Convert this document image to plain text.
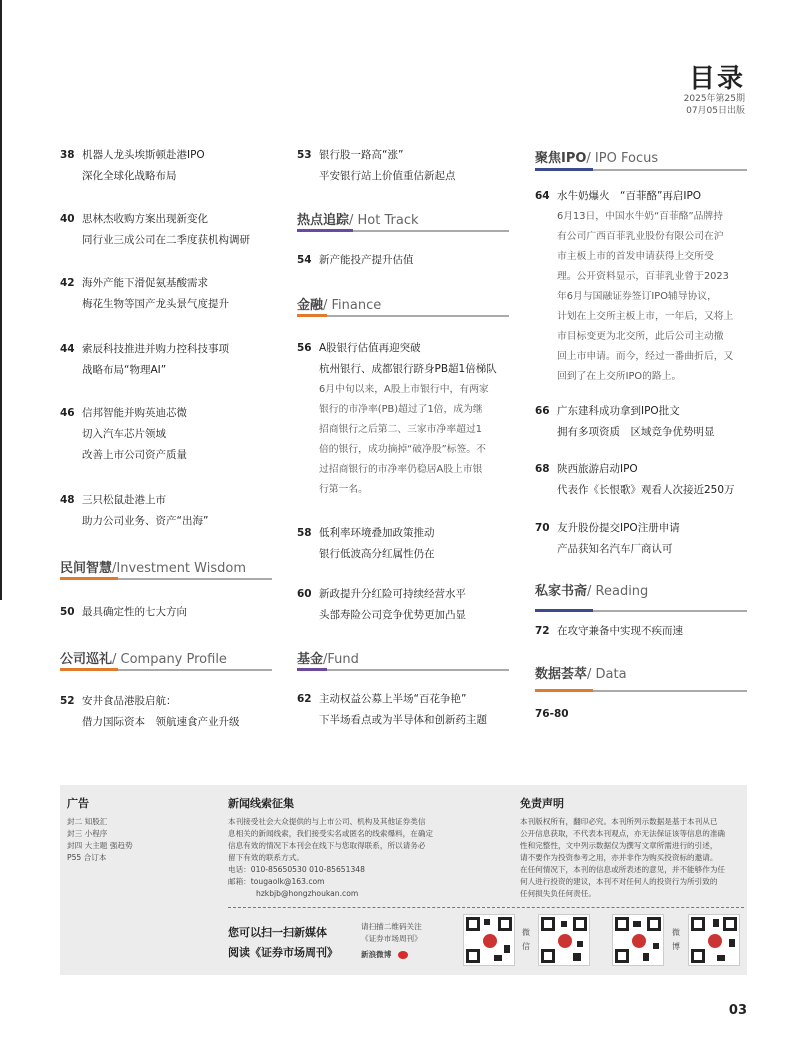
目录
2025年第25期
07月05日出版
38 机器人龙头埃斯顿赴港IPO
深化全球化战略布局
40 思林杰收购方案出现新变化
同行业三成公司在二季度获机构调研
42 海外产能下滑促氨基酸需求
梅花生物等国产龙头景气度提升
44 索辰科技推进并购力控科技事项
战略布局“物理AI”
46 信邦智能并购英迪芯微
切入汽车芯片领域
改善上市公司资产质量
48 三只松鼠赴港上市
助力公司业务、资产“出海”
民间智慧/Investment Wisdom
50 最具确定性的七大方向
公司巡礼/ Company Profile
52 安井食品港股启航：
借力国际资本　领航速食产业升级
53 银行股一路高“涨”
平安银行站上价值重估新起点
热点追踪/ Hot Track
54 新产能投产提升估值
金融/ Finance
56 A股银行估值再迎突破
杭州银行、成都银行跻身PB超1倍梯队
6月中旬以来，A股上市银行中，有两家
银行的市净率(PB)超过了1倍，成为继
招商银行之后第二、三家市净率超过1
倍的银行，成功摘掉“破净股”标签。不
过招商银行的市净率仍稳居A股上市银
行第一名。
58 低利率环境叠加政策推动
银行低波高分红属性仍在
60 新政提升分红险可持续经营水平
头部寿险公司竞争优势更加凸显
基金/Fund
62 主动权益公募上半场“百花争艳”
下半场看点或为半导体和创新药主题
聚焦IPO/ IPO Focus
64 水牛奶爆火　“百菲酪”再启IPO
6月13日，中国水牛奶“百菲酪”品牌持
有公司广西百菲乳业股份有限公司在沪
市主板上市的首发申请获得上交所受
理。公开资料显示，百菲乳业曾于2023
年6月与国融证券签订IPO辅导协议，
计划在上交所主板上市，一年后，又将上
市目标变更为北交所，此后公司主动撤
回上市申请。而今，经过一番曲折后，又
回到了在上交所IPO的路上。
66 广东建科成功拿到IPO批文
拥有多项资质　区域竞争优势明显
68 陕西旅游启动IPO
代表作《长恨歌》观看人次接近250万
70 友升股份提交IPO注册申请
产品获知名汽车厂商认可
私家书斋/ Reading
72 在攻守兼备中实现不疾而速
数据荟萃/ Data
76-80
广告
封二 知股汇
封三 小程序
封四 大主题 强趋势
P55 合订本
新闻线索征集
本刊接受社会大众提供的与上市公司、机构及其他证券类信
息相关的新闻线索，我们接受实名或匿名的线索爆料，在确定
信息有效的情况下本刊会在线下与您取得联系，所以请务必
留下有效的联系方式。
电话：010-85650530 010-85651348
邮箱：tougaolk@163.com
hzkbjb@hongzhoukan.com
免责声明
本刊版权所有，翻印必究。本刊所列示数据是基于本刊从已
公开信息获取，不代表本刊观点，亦无法保证该等信息的准确
性和完整性，文中列示数据仅为撰写文章所需进行的引述，
请不要作为投资参考之用，亦并非作为购买投资标的邀请。
在任何情况下，本刊的信息或所表述的意见，并不能够作为任
何人进行投资的建议，本刊不对任何人的投资行为所引致的
任何损失负任何责任。
您可以扫一扫新媒体
阅读《证券市场周刊》
请扫描二维码关注
《证券市场周刊》
新浪微博
微
信
微
博
03
